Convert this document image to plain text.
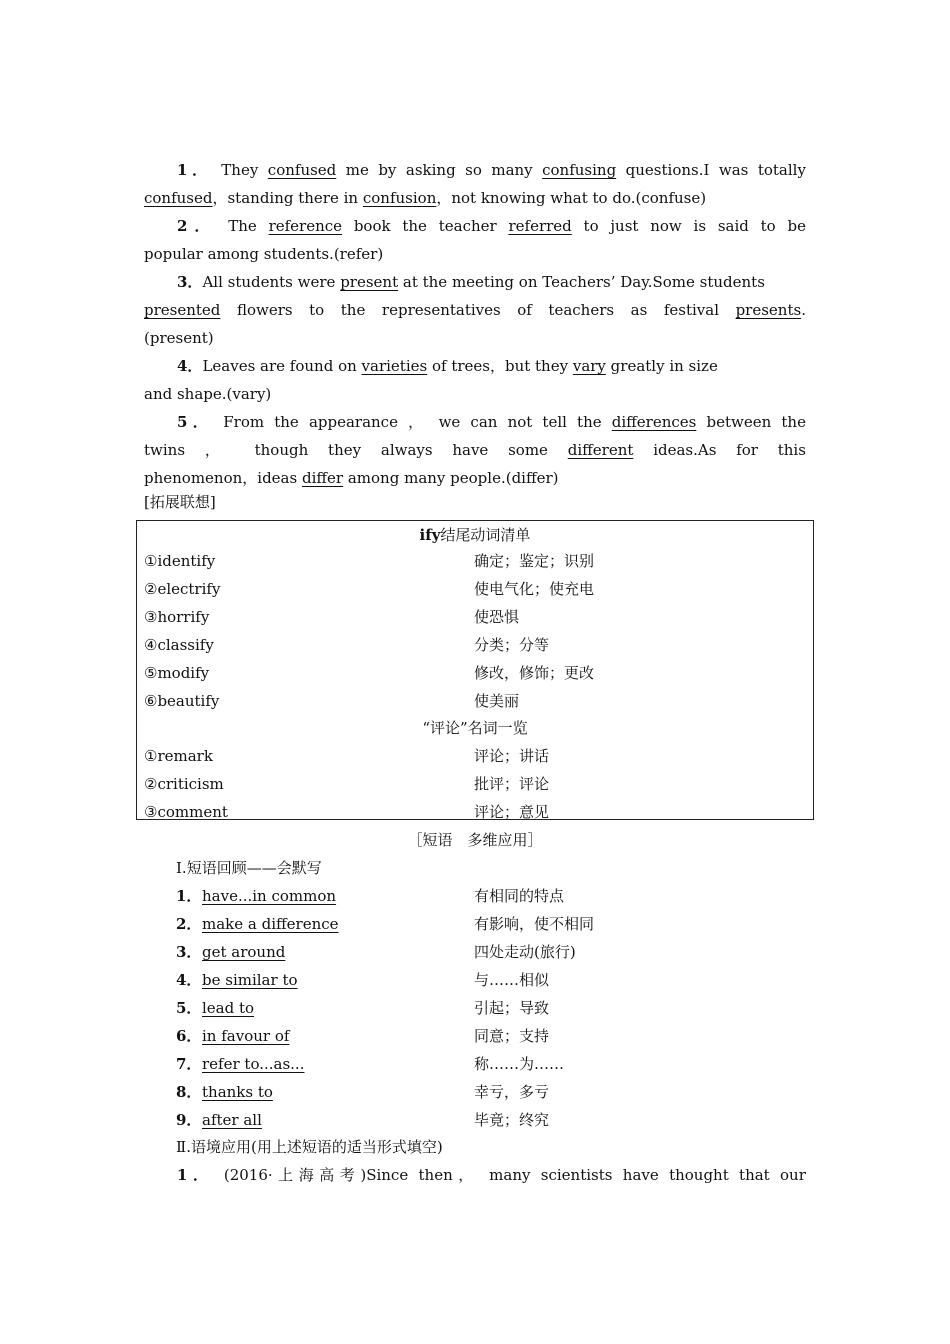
1． They confused me by asking so many confusing questions.I was totally
confused，standing there in confusion，not knowing what to do.(confuse)
2． The reference book the teacher referred to just now is said to be
popular among students.(refer)
3．All students were present at the meeting on Teachers’ Day.Some students
presented flowers to the representatives of teachers as festival presents.
(present)
4．Leaves are found on varieties of trees，but they vary greatly in size
and shape.(vary)
5． From the appearance ， we can not tell the differences between the
twins ， though they always have some different ideas.As for this
phenomenon，ideas differ among many people.(differ)
[拓展联想]
ify结尾动词清单
①identify	确定；鉴定；识别
②electrify	使电气化；使充电
③horrify	使恐惧
④classify	分类；分等
⑤modify	修改，修饰；更改
⑥beautify	使美丽
“评论”名词一览
①remark	评论；讲话
②criticism	批评；评论
③comment	评论；意见
［短语　多维应用］
Ⅰ.短语回顾——会默写
1． have...in common	有相同的特点
2． make a difference	有影响，使不相同
3． get around	四处走动(旅行)
4． be similar to	与……相似
5． lead to	引起；导致
6． in favour of	同意；支持
7． refer to...as...	称……为……
8． thanks to	幸亏，多亏
9． after all	毕竟；终究
Ⅱ.语境应用(用上述短语的适当形式填空)
1． (2016·上海高考)Since then， many scientists have thought that our
